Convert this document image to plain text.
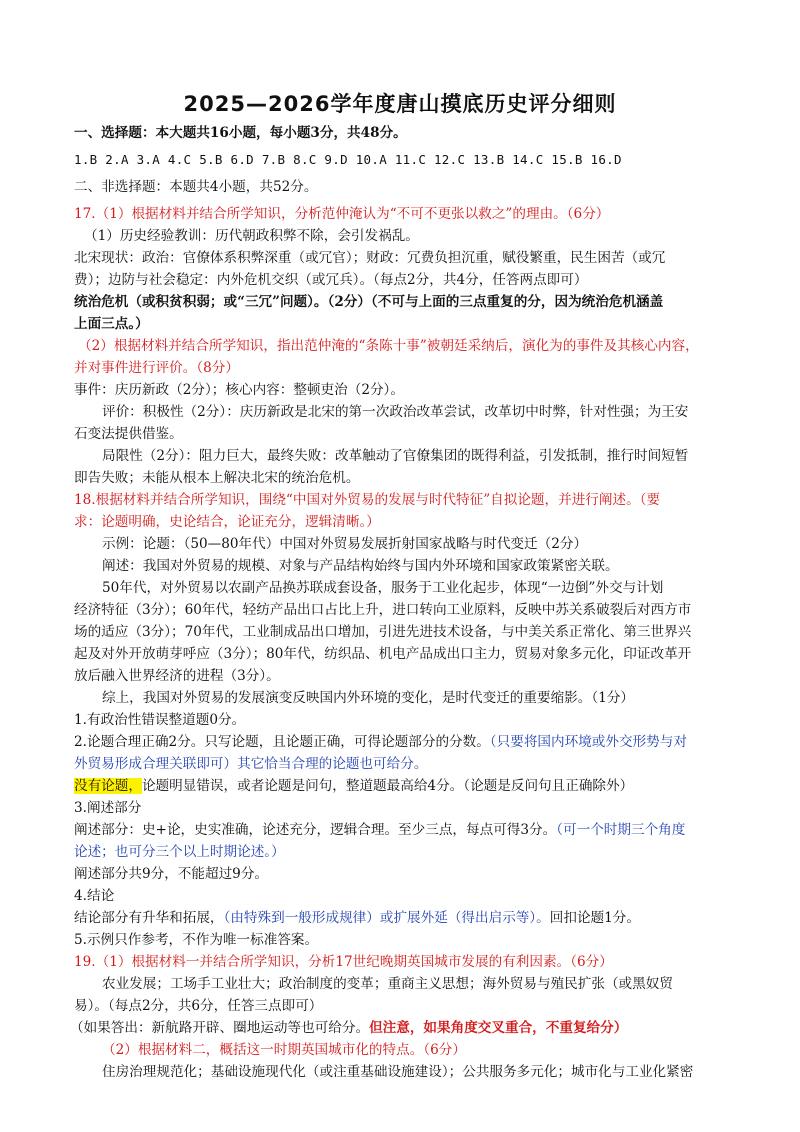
2025—2026学年度唐山摸底历史评分细则
一、选择题：本大题共16小题，每小题3分，共48分。
1.B 2.A 3.A 4.C 5.B 6.D 7.B 8.C 9.D 10.A 11.C 12.C 13.B 14.C 15.B 16.D
二、非选择题：本题共4小题，共52分。
17.（1）根据材料并结合所学知识，分析范仲淹认为“不可不更张以救之”的理由。（6分）
（1）历史经验教训：历代朝政积弊不除，会引发祸乱。
北宋现状：政治：官僚体系积弊深重（或冗官）；财政：冗费负担沉重，赋役繁重，民生困苦（或冗
费）；边防与社会稳定：内外危机交织（或冗兵）。（每点2分，共4分，任答两点即可）
统治危机（或积贫积弱；或“三冗”问题）。（2分）（不可与上面的三点重复的分，因为统治危机涵盖
上面三点。）
（2）根据材料并结合所学知识，指出范仲淹的“条陈十事”被朝廷采纳后，演化为的事件及其核心内容，
并对事件进行评价。（8分）
事件：庆历新政（2分）；核心内容：整顿吏治（2分）。
评价：积极性（2分）：庆历新政是北宋的第一次政治改革尝试，改革切中时弊，针对性强；为王安
石变法提供借鉴。
局限性（2分）：阻力巨大，最终失败：改革触动了官僚集团的既得利益，引发抵制，推行时间短暂
即告失败；未能从根本上解决北宋的统治危机。
18.根据材料并结合所学知识，围绕“中国对外贸易的发展与时代特征”自拟论题，并进行阐述。（要
求：论题明确，史论结合，论证充分，逻辑清晰。）
示例：论题：（50—80年代）中国对外贸易发展折射国家战略与时代变迁（2分）
阐述：我国对外贸易的规模、对象与产品结构始终与国内外环境和国家政策紧密关联。
50年代，对外贸易以农副产品换苏联成套设备，服务于工业化起步，体现“一边倒”外交与计划
经济特征（3分）；60年代，轻纺产品出口占比上升，进口转向工业原料，反映中苏关系破裂后对西方市
场的适应（3分）；70年代，工业制成品出口增加，引进先进技术设备，与中美关系正常化、第三世界兴
起及对外开放萌芽呼应（3分）；80年代，纺织品、机电产品成出口主力，贸易对象多元化，印证改革开
放后融入世界经济的进程（3分）。
综上，我国对外贸易的发展演变反映国内外环境的变化，是时代变迁的重要缩影。（1分）
1.有政治性错误整道题0分。
2.论题合理正确2分。只写论题，且论题正确，可得论题部分的分数。（只要将国内环境或外交形势与对
外贸易形成合理关联即可）其它恰当合理的论题也可给分。
没有论题，论题明显错误，或者论题是问句，整道题最高给4分。（论题是反问句且正确除外）
3.阐述部分
阐述部分：史+论，史实准确，论述充分，逻辑合理。至少三点，每点可得3分。（可一个时期三个角度
论述；也可分三个以上时期论述。）
阐述部分共9分，不能超过9分。
4.结论
结论部分有升华和拓展，（由特殊到一般形成规律）或扩展外延（得出启示等）。回扣论题1分。
5.示例只作参考，不作为唯一标准答案。
19.（1）根据材料一并结合所学知识，分析17世纪晚期英国城市发展的有利因素。（6分）
农业发展；工场手工业壮大；政治制度的变革；重商主义思想；海外贸易与殖民扩张（或黑奴贸
易）。（每点2分，共6分，任答三点即可）
（如果答出：新航路开辟、圈地运动等也可给分。但注意，如果角度交叉重合，不重复给分）
（2）根据材料二，概括这一时期英国城市化的特点。（6分）
住房治理规范化；基础设施现代化（或注重基础设施建设）；公共服务多元化；城市化与工业化紧密
